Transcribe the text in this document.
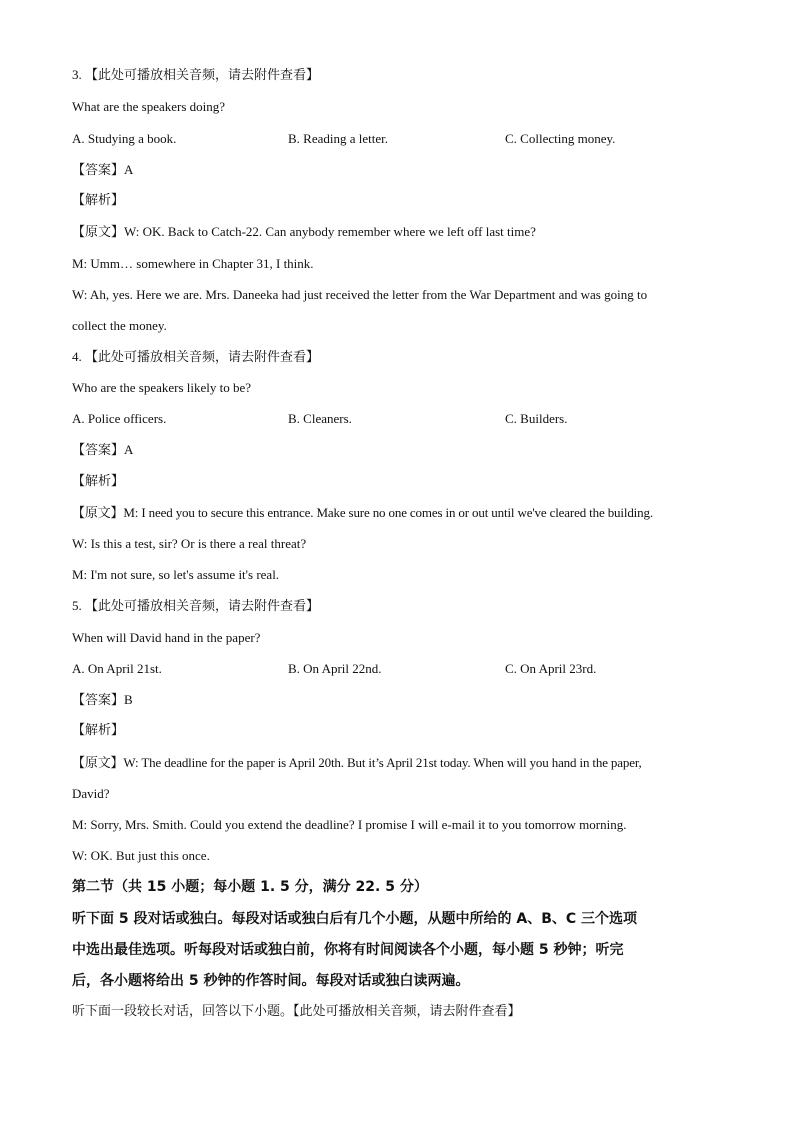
3. 【此处可播放相关音频，请去附件查看】
What are the speakers doing?
A. Studying a book.	B. Reading a letter.	C. Collecting money.
【答案】A
【解析】
【原文】W: OK. Back to Catch-22. Can anybody remember where we left off last time?
M: Umm… somewhere in Chapter 31, I think.
W: Ah, yes. Here we are. Mrs. Daneeka had just received the letter from the War Department and was going to
collect the money.
4. 【此处可播放相关音频，请去附件查看】
Who are the speakers likely to be?
A. Police officers.	B. Cleaners.	C. Builders.
【答案】A
【解析】
【原文】M: I need you to secure this entrance. Make sure no one comes in or out until we've cleared the building.
W: Is this a test, sir? Or is there a real threat?
M: I'm not sure, so let's assume it's real.
5. 【此处可播放相关音频，请去附件查看】
When will David hand in the paper?
A. On April 21st.	B. On April 22nd.	C. On April 23rd.
【答案】B
【解析】
【原文】W: The deadline for the paper is April 20th. But it’s April 21st today. When will you hand in the paper,
David?
M: Sorry, Mrs. Smith. Could you extend the deadline? I promise I will e-mail it to you tomorrow morning.
W: OK. But just this once.
第二节（共 15 小题；每小题 1. 5 分，满分 22. 5 分）
听下面 5 段对话或独白。每段对话或独白后有几个小题，从题中所给的 A、B、C 三个选项
中选出最佳选项。听每段对话或独白前，你将有时间阅读各个小题，每小题 5 秒钟；听完
后，各小题将给出 5 秒钟的作答时间。每段对话或独白读两遍。
听下面一段较长对话，回答以下小题。【此处可播放相关音频，请去附件查看】
